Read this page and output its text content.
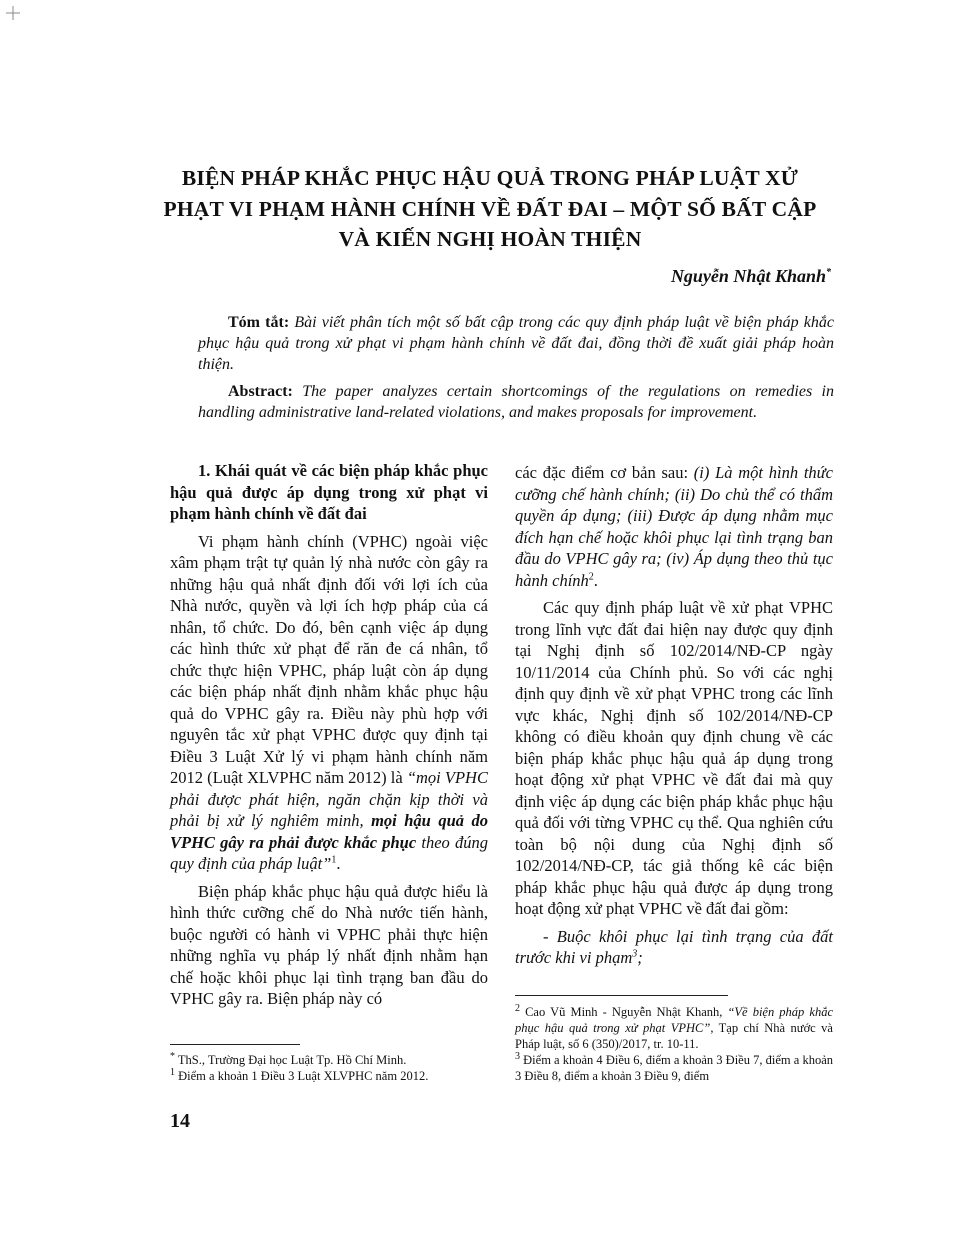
BIỆN PHÁP KHẮC PHỤC HẬU QUẢ TRONG PHÁP LUẬT XỬ PHẠT VI PHẠM HÀNH CHÍNH VỀ ĐẤT ĐAI – MỘT SỐ BẤT CẬP VÀ KIẾN NGHỊ HOÀN THIỆN
Nguyễn Nhật Khanh*
Tóm tắt: Bài viết phân tích một số bất cập trong các quy định pháp luật về biện pháp khắc phục hậu quả trong xử phạt vi phạm hành chính về đất đai, đồng thời đề xuất giải pháp hoàn thiện.
Abstract: The paper analyzes certain shortcomings of the regulations on remedies in handling administrative land-related violations, and makes proposals for improvement.

1. Khái quát về các biện pháp khắc phục hậu quả được áp dụng trong xử phạt vi phạm hành chính về đất đai

Vi phạm hành chính (VPHC) ngoài việc xâm phạm trật tự quản lý nhà nước còn gây ra những hậu quả nhất định đối với lợi ích của Nhà nước, quyền và lợi ích hợp pháp của cá nhân, tổ chức. Do đó, bên cạnh việc áp dụng các hình thức xử phạt để răn đe cá nhân, tổ chức thực hiện VPHC, pháp luật còn áp dụng các biện pháp nhất định nhằm khắc phục hậu quả do VPHC gây ra. Điều này phù hợp với nguyên tắc xử phạt VPHC được quy định tại Điều 3 Luật Xử lý vi phạm hành chính năm 2012 (Luật XLVPHC năm 2012) là “mọi VPHC phải được phát hiện, ngăn chặn kịp thời và phải bị xử lý nghiêm minh, mọi hậu quả do VPHC gây ra phải được khắc phục theo đúng quy định của pháp luật”$^1$.

Biện pháp khắc phục hậu quả được hiểu là hình thức cưỡng chế do Nhà nước tiến hành, buộc người có hành vi VPHC phải thực hiện những nghĩa vụ pháp lý nhất định nhằm hạn chế hoặc khôi phục lại tình trạng ban đầu do VPHC gây ra. Biện pháp này có

các đặc điểm cơ bản sau: (i) Là một hình thức cưỡng chế hành chính; (ii) Do chủ thể có thẩm quyền áp dụng; (iii) Được áp dụng nhằm mục đích hạn chế hoặc khôi phục lại tình trạng ban đầu do VPHC gây ra; (iv) Áp dụng theo thủ tục hành chính$^2$.

Các quy định pháp luật về xử phạt VPHC trong lĩnh vực đất đai hiện nay được quy định tại Nghị định số 102/2014/NĐ-CP ngày 10/11/2014 của Chính phủ. So với các nghị định quy định về xử phạt VPHC trong các lĩnh vực khác, Nghị định số 102/2014/NĐ-CP không có điều khoản quy định chung về các biện pháp khắc phục hậu quả áp dụng trong hoạt động xử phạt VPHC về đất đai mà quy định việc áp dụng các biện pháp khắc phục hậu quả đối với từng VPHC cụ thể. Qua nghiên cứu toàn bộ nội dung của Nghị định số 102/2014/NĐ-CP, tác giả thống kê các biện pháp khắc phục hậu quả được áp dụng trong hoạt động xử phạt VPHC về đất đai gồm:

- Buộc khôi phục lại tình trạng của đất trước khi vi phạm$^3$;

* ThS., Trường Đại học Luật Tp. Hồ Chí Minh.
$^1$ Điểm a khoản 1 Điều 3 Luật XLVPHC năm 2012.
$^2$ Cao Vũ Minh - Nguyễn Nhật Khanh, “Về biện pháp khắc phục hậu quả trong xử phạt VPHC”, Tạp chí Nhà nước và Pháp luật, số 6 (350)/2017, tr. 10-11.
$^3$ Điểm a khoản 4 Điều 6, điểm a khoản 3 Điều 7, điểm a khoản 3 Điều 8, điểm a khoản 3 Điều 9, điểm
14
